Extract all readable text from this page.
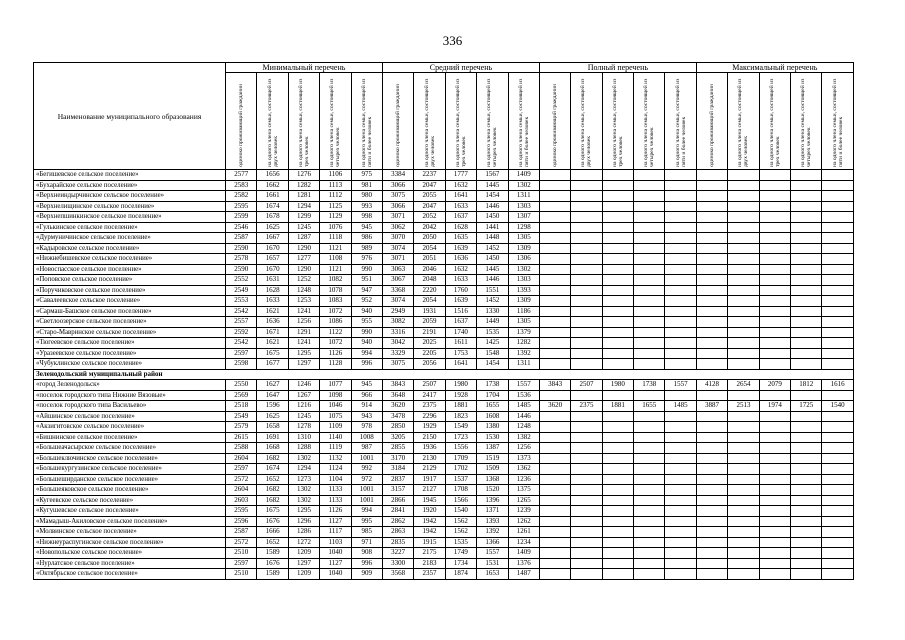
336
Наименование муниципального образования	Минимальный перечень					Средний перечень					Полный перечень					Максимальный перечень				

	одиноко проживающий гражданин	на одного члена семьи, состоящей из двух человек	на одного члена семьи, состоящей из трех человек	на одного члена семьи, состоящей из четырех человек	на одного члена семьи, состоящей из пяти и более человек	одиноко проживающий гражданин	на одного члена семьи, состоящей из двух человек	на одного члена семьи, состоящей из трех человек	на одного члена семьи, состоящей из четырех человек	на одного члена семьи, состоящей из пяти и более человек	одиноко проживающий гражданин	на одного члена семьи, состоящей из двух человек	на одного члена семьи, состоящей из трех человек	на одного члена семьи, состоящей из четырех человек	на одного члена семьи, состоящей из пяти и более человек	одиноко проживающий гражданин	на одного члена семьи, состоящей из двух человек	на одного члена семьи, состоящей из трех человек	на одного члена семьи, состоящей из четырех человек	на одного члена семьи, состоящей из пяти и более человек

«Бегишевское сельское поселение»	2577	1656	1276	1106	975	3384	2237	1777	1567	1409										
«Бухарайское сельское поселение»	2583	1662	1282	1113	981	3066	2047	1632	1445	1302										
«Верхнеиндырчинское сельское поселение»	2582	1661	1281	1112	980	3075	2055	1641	1454	1311										
«Верхнелищинское сельское поселение»	2595	1674	1294	1125	993	3066	2047	1633	1446	1303										
«Верхнепшинкинское сельское поселение»	2599	1678	1299	1129	998	3071	2052	1637	1450	1307										
«Гулькинское сельское поселение»	2546	1625	1245	1076	945	3062	2042	1628	1441	1298										
«Дурмуничинское сельское поселение»	2587	1667	1287	1118	986	3070	2050	1635	1448	1305										
«Кадыровское сельское поселение»	2590	1670	1290	1121	989	3074	2054	1639	1452	1309										
«Нижнебишевское сельское поселение»	2578	1657	1277	1108	976	3071	2051	1636	1450	1306										
«Новоспасское сельское поселение»	2590	1670	1290	1121	990	3063	2046	1632	1445	1302										
«Поповское сельское поселение»	2552	1631	1252	1082	951	3067	2048	1633	1446	1303										
«Поручиковское сельское поселение»	2549	1628	1248	1078	947	3368	2220	1760	1551	1393										
«Савалеевское сельское поселение»	2553	1633	1253	1083	952	3074	2054	1639	1452	1309										
«Сармаш-Башское сельское поселение»	2542	1621	1241	1072	940	2949	1931	1516	1330	1186										
«Светлоозерское сельское поселение»	2557	1636	1256	1086	955	3082	2059	1637	1449	1305										
«Старо-Мавринское сельское поселение»	2592	1671	1291	1122	990	3316	2191	1740	1535	1379										
«Тюгеевское сельское поселение»	2542	1621	1241	1072	940	3042	2025	1611	1425	1282										
«Уразеевское сельское поселение»	2597	1675	1295	1126	994	3329	2205	1753	1548	1392										
«Чубуклинское сельское поселение»	2598	1677	1297	1128	996	3075	2056	1641	1454	1311										
Зеленодольский муниципальный район																				
«город Зеленодольск»	2550	1627	1246	1077	945	3843	2507	1980	1738	1557	3843	2507	1980	1738	1557	4128	2654	2079	1812	1616
«поселок городского типа Нижние Вязовые»	2569	1647	1267	1098	966	3648	2417	1928	1704	1536										
«поселок городского типа Васильево»	2518	1596	1216	1046	914	3620	2375	1881	1655	1485	3620	2375	1881	1655	1485	3887	2513	1974	1725	1540
«Айшинское сельское поселение»	2549	1625	1245	1075	943	3478	2296	1823	1608	1446										
«Акзигитовское сельское поселение»	2579	1658	1278	1109	978	2850	1929	1549	1380	1248										
«Бишнинское сельское поселение»	2615	1691	1310	1140	1008	3205	2150	1723	1530	1382										
«Большеачасырское сельское поселение»	2588	1668	1288	1119	987	2855	1936	1556	1387	1256										
«Большеключинское сельское поселение»	2604	1682	1302	1132	1001	3170	2130	1709	1519	1373										
«Большекургузинское сельское поселение»	2597	1674	1294	1124	992	3184	2129	1702	1509	1362										
«Большеширданское сельское поселение»	2572	1652	1273	1104	972	2837	1917	1537	1368	1236										
«Большеяковское сельское поселение»	2604	1682	1302	1133	1001	3157	2127	1708	1520	1375										
«Кугеевское сельское поселение»	2603	1682	1302	1133	1001	2866	1945	1566	1396	1265										
«Кугушевское сельское поселение»	2595	1675	1295	1126	994	2841	1920	1540	1371	1239										
«Мамадыш-Акиловское сельское поселение»	2596	1676	1296	1127	995	2862	1942	1562	1393	1262										
«Молвинское сельское поселение»	2587	1666	1286	1117	985	2863	1942	1562	1392	1261										
«Нижнеураспугинское сельское поселение»	2572	1652	1272	1103	971	2835	1915	1535	1366	1234										
«Новопольское сельское поселение»	2510	1589	1209	1040	908	3227	2175	1749	1557	1409										
«Нурлатское сельское поселение»	2597	1676	1297	1127	996	3300	2183	1734	1531	1376										
«Октябрьское сельское поселение»	2510	1589	1209	1040	909	3568	2357	1874	1653	1487										
